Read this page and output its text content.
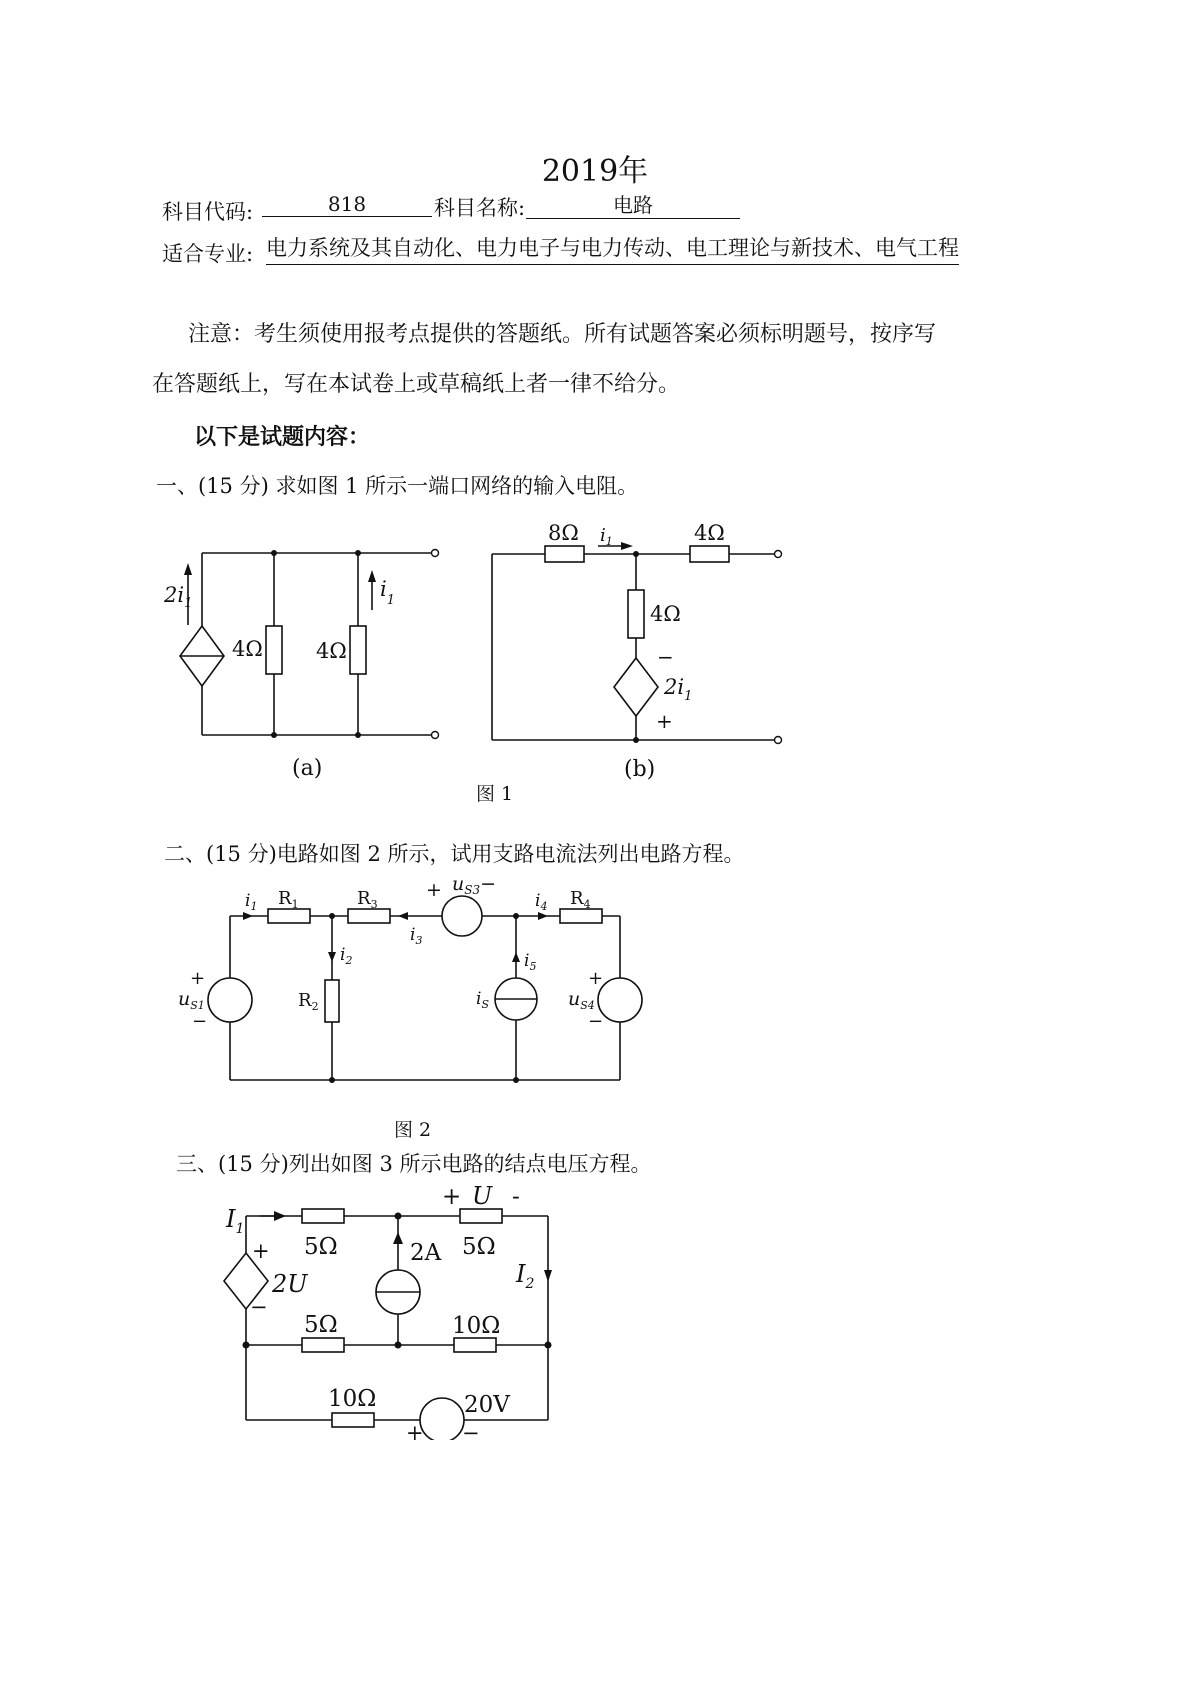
2019年
科目代码:	818	科目名称:	电路
适合专业: 电力系统及其自动化、电力电子与电力传动、电工理论与新技术、电气工程
注意：考生须使用报考点提供的答题纸。所有试题答案必须标明题号，按序写
在答题纸上，写在本试卷上或草稿纸上者一律不给分。
以下是试题内容：
一、(15 分) 求如图 1 所示一端口网络的输入电阻。
$2i_1$
4Ω	4Ω
$i_1$
(a)
8Ω $i_1$	4Ω
4Ω
−
$2i_1$
+
(b)
图 1
二、(15 分)电路如图 2 所示，试用支路电流法列出电路方程。
+ $u_{S3}-$
$i_1$ $R_1$	$R_3$
$i_3$
$i_4$ $R_4$
$i_2$
$R_2$
$i_5$
$i_S$
+
$u_{S1}$
−
+
$u_{S4}$
−
图 2
三、(15 分)列出如图 3 所示电路的结点电压方程。
$I_1$
5Ω
+ U -
5Ω
2A
+
2U
−
$I_2$
5Ω	10Ω
10Ω	20V
+ −
